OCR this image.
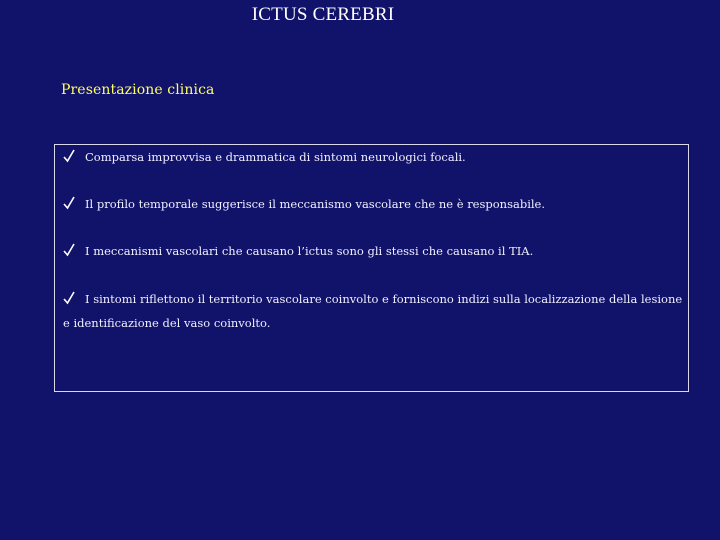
ICTUS CEREBRI
Presentazione clinica
Comparsa improvvisa e drammatica di sintomi neurologici focali.
Il profilo temporale suggerisce il meccanismo vascolare che ne è responsabile.
I meccanismi vascolari che causano l’ictus sono gli stessi che causano il TIA.
I sintomi riflettono il territorio vascolare coinvolto e forniscono indizi sulla localizzazione della lesione e identificazione del vaso coinvolto.
